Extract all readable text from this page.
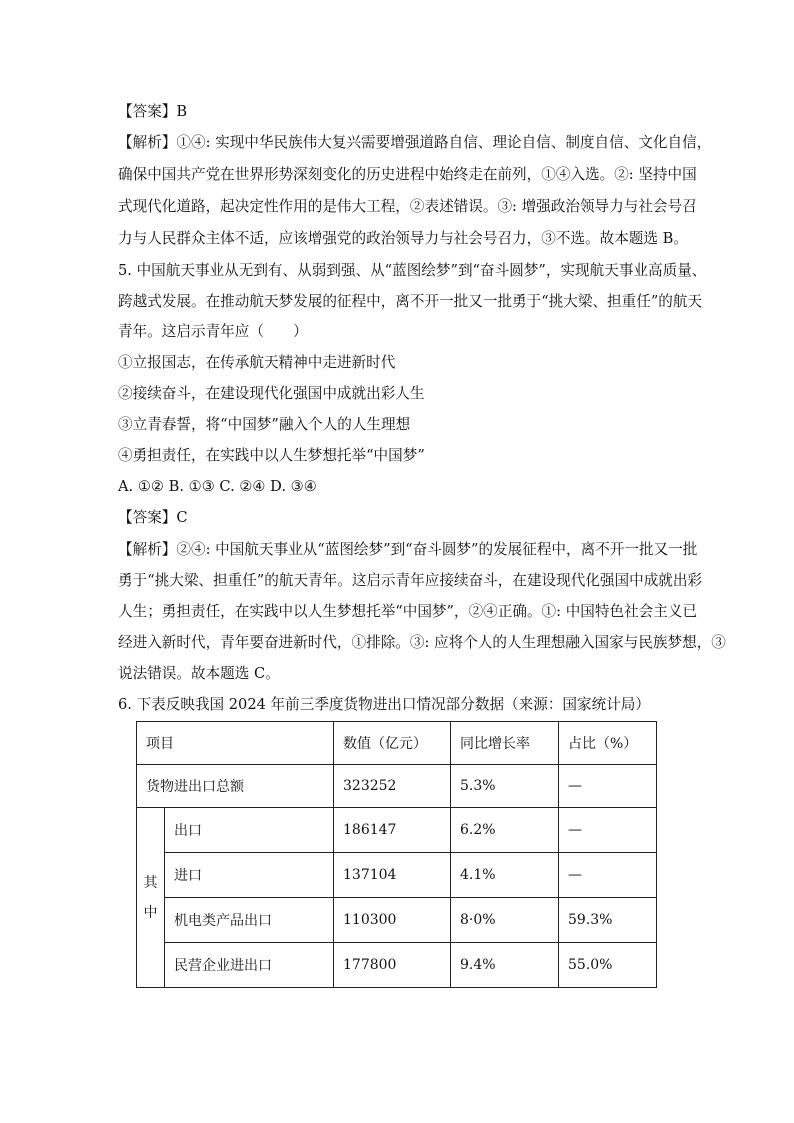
【答案】B
【解析】①④: 实现中华民族伟大复兴需要增强道路自信、理论自信、制度自信、文化自信，
确保中国共产党在世界形势深刻变化的历史进程中始终走在前列，①④入选。②: 坚持中国
式现代化道路，起决定性作用的是伟大工程，②表述错误。③: 增强政治领导力与社会号召
力与人民群众主体不适，应该增强党的政治领导力与社会号召力，③不选。故本题选 B。
5. 中国航天事业从无到有、从弱到强、从“蓝图绘梦”到“奋斗圆梦”，实现航天事业高质量、
跨越式发展。在推动航天梦发展的征程中，离不开一批又一批勇于“挑大梁、担重任”的航天
青年。这启示青年应（　　）
①立报国志，在传承航天精神中走进新时代
②接续奋斗，在建设现代化强国中成就出彩人生
③立青春誓，将“中国梦”融入个人的人生理想
④勇担责任，在实践中以人生梦想托举“中国梦”
A. ①② B. ①③ C. ②④ D. ③④
【答案】C
【解析】②④: 中国航天事业从“蓝图绘梦”到“奋斗圆梦”的发展征程中，离不开一批又一批
勇于“挑大梁、担重任”的航天青年。这启示青年应接续奋斗，在建设现代化强国中成就出彩
人生；勇担责任，在实践中以人生梦想托举“中国梦”，②④正确。①: 中国特色社会主义已
经进入新时代，青年要奋进新时代，①排除。③: 应将个人的人生理想融入国家与民族梦想，③
说法错误。故本题选 C。
6. 下表反映我国 2024 年前三季度货物进出口情况部分数据（来源：国家统计局）
项目		数值（亿元）	同比增长率	占比（%）
货物进出口总额		323252	5.3%	—
其
中	出口	186147	6.2%	—
	进口	137104	4.1%	—
	机电类产品出口	110300	8·0%	59.3%
	民营企业进出口	177800	9.4%	55.0%
